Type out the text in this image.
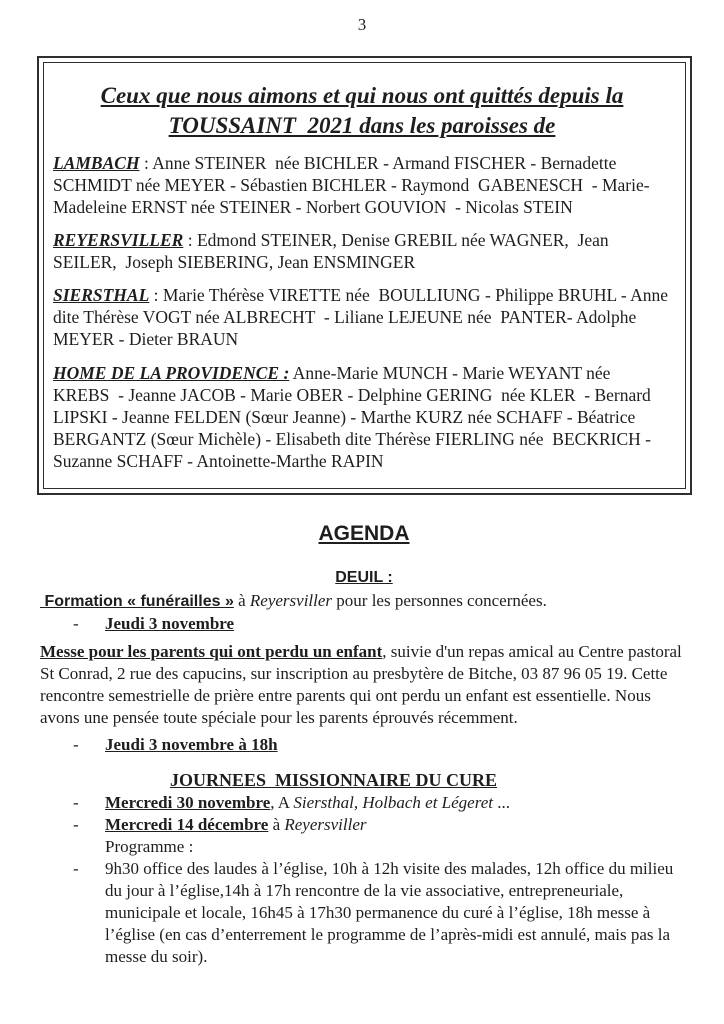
3
Ceux que nous aimons et qui nous ont quittés depuis la
TOUSSAINT  2021 dans les paroisses de

LAMBACH : Anne STEINER  née BICHLER - Armand FISCHER - Bernadette SCHMIDT née MEYER - Sébastien BICHLER - Raymond  GABENESCH  - Marie-Madeleine ERNST née STEINER - Norbert GOUVION  - Nicolas STEIN

REYERSVILLER : Edmond STEINER, Denise GREBIL née WAGNER,  Jean SEILER,  Joseph SIEBERING, Jean ENSMINGER

SIERSTHAL : Marie Thérèse VIRETTE née  BOULLIUNG - Philippe BRUHL - Anne dite Thérèse VOGT née ALBRECHT  - Liliane LEJEUNE née  PANTER- Adolphe MEYER - Dieter BRAUN

HOME DE LA PROVIDENCE : Anne-Marie MUNCH - Marie WEYANT née KREBS  - Jeanne JACOB - Marie OBER - Delphine GERING  née KLER  - Bernard LIPSKI - Jeanne FELDEN (Sœur Jeanne) - Marthe KURZ née SCHAFF - Béatrice BERGANTZ (Sœur Michèle) - Elisabeth dite Thérèse FIERLING née  BECKRICH - Suzanne SCHAFF - Antoinette-Marthe RAPIN

AGENDA
DEUIL :

Formation « funérailles » à Reyersviller pour les personnes concernées.

-	Jeudi 3 novembre

Messe pour les parents qui ont perdu un enfant, suivie d'un repas amical au Centre pastoral St Conrad, 2 rue des capucins, sur inscription au presbytère de Bitche, 03 87 96 05 19. Cette rencontre semestrielle de prière entre parents qui ont perdu un enfant est essentielle. Nous avons une pensée toute spéciale pour les parents éprouvés récemment.

-	Jeudi 3 novembre à 18h
JOURNEES  MISSIONNAIRE DU CURE
-	Mercredi 30 novembre, A Siersthal, Holbach et Légeret ...
-	Mercredi 14 décembre à Reyersviller
Programme :
-	9h30 office des laudes à l’église, 10h à 12h visite des malades, 12h office du milieu du jour à l’église,14h à 17h rencontre de la vie associative, entrepreneuriale, municipale et locale, 16h45 à 17h30 permanence du curé à l’église, 18h messe à l’église (en cas d’enterrement le programme de l’après-midi est annulé, mais pas la messe du soir).
